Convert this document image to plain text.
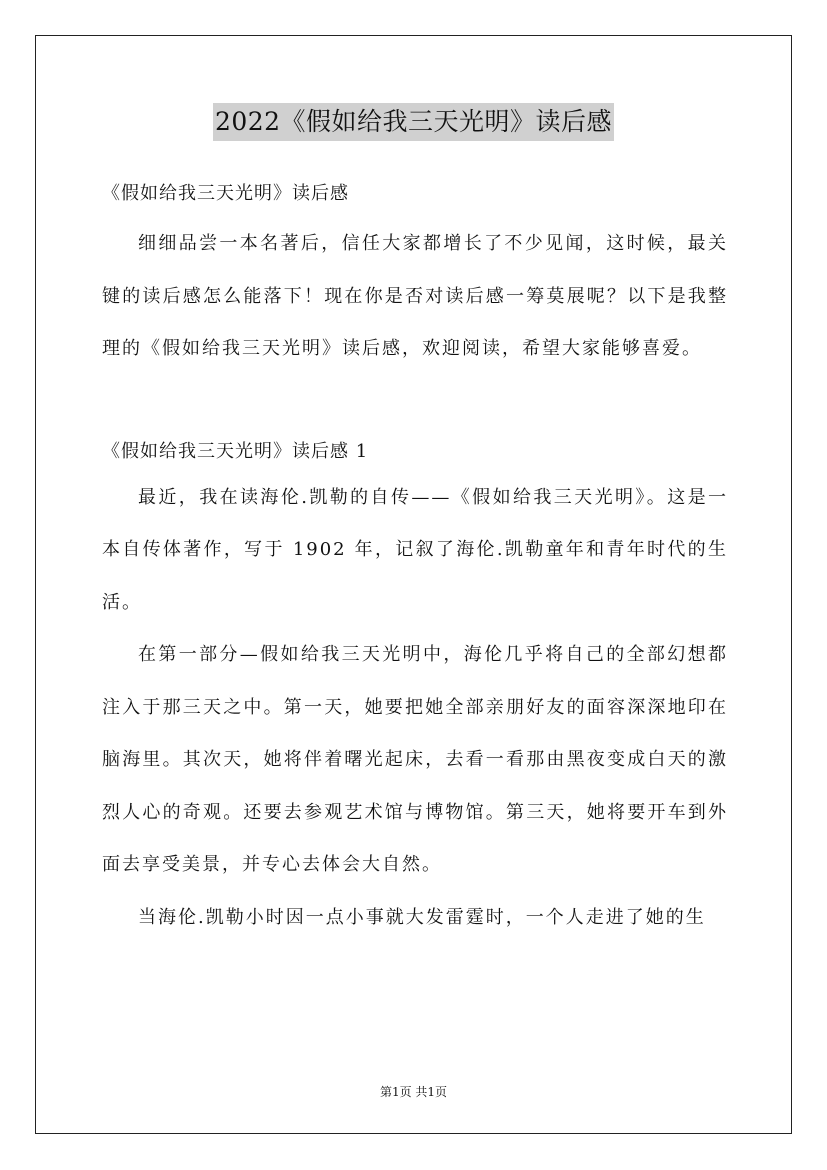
2022《假如给我三天光明》读后感

《假如给我三天光明》读后感

细细品尝一本名著后，信任大家都增长了不少见闻，这时候，最关键的读后感怎么能落下！现在你是否对读后感一筹莫展呢？以下是我整理的《假如给我三天光明》读后感，欢迎阅读，希望大家能够喜爱。

《假如给我三天光明》读后感 1

最近，我在读海伦.凯勒的自传——《假如给我三天光明》。这是一本自传体著作，写于 1902 年，记叙了海伦.凯勒童年和青年时代的生活。

在第一部分—假如给我三天光明中，海伦几乎将自己的全部幻想都注入于那三天之中。第一天，她要把她全部亲朋好友的面容深深地印在脑海里。其次天，她将伴着曙光起床，去看一看那由黑夜变成白天的激烈人心的奇观。还要去参观艺术馆与博物馆。第三天，她将要开车到外面去享受美景，并专心去体会大自然。

当海伦.凯勒小时因一点小事就大发雷霆时，一个人走进了她的生

第1页 共1页
